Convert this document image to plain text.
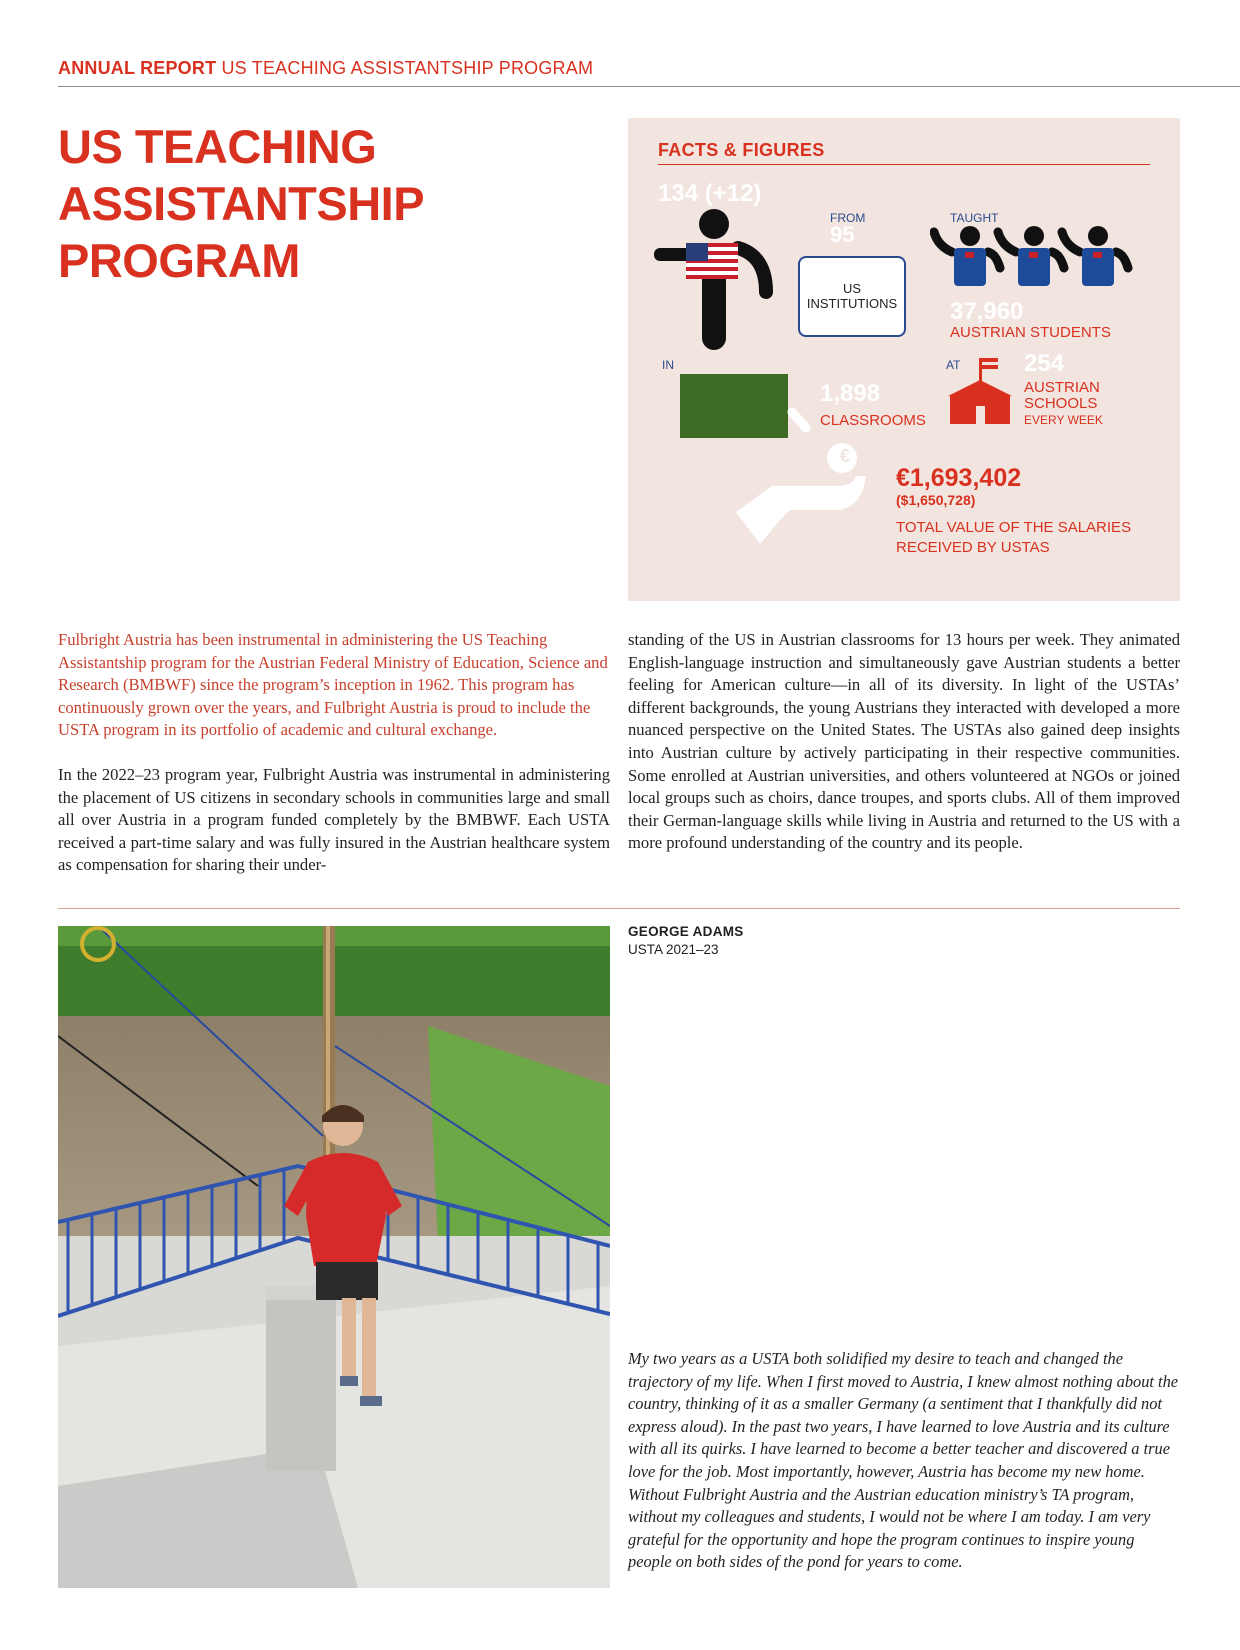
ANNUAL REPORT US TEACHING ASSISTANTSHIP PROGRAM
US TEACHING
ASSISTANTSHIP
PROGRAM
FACTS & FIGURES
134 (+12)
FROM
95
US
INSTITUTIONS
TAUGHT
37,960
AUSTRIAN STUDENTS
IN
1,898
CLASSROOMS
AT	254
AUSTRIAN
SCHOOLS
EVERY WEEK
€
€1,693,402
($1,650,728)
TOTAL VALUE OF THE SALARIES
RECEIVED BY USTAS

Fulbright Austria has been instrumental in administering the US Teaching Assistantship program for the Austrian Federal Ministry of Education, Science and Research (BMBWF) since the program’s inception in 1962. This program has continuously grown over the years, and Fulbright Austria is proud to include the USTA program in its portfolio of academic and cultural exchange.

In the 2022–23 program year, Fulbright Austria was instrumental in administering the placement of US citizens in secondary schools in communities large and small all over Austria in a program funded completely by the BMBWF. Each USTA received a part-time salary and was fully insured in the Austrian healthcare system as compensation for sharing their under-

standing of the US in Austrian classrooms for 13 hours per week. They animated English-language instruction and simultaneously gave Austrian students a better feeling for American culture—in all of its diversity. In light of the USTAs’ different backgrounds, the young Austrians they interacted with developed a more nuanced perspective on the United States. The USTAs also gained deep insights into Austrian culture by actively participating in their respective communities. Some enrolled at Austrian universities, and others volunteered at NGOs or joined local groups such as choirs, dance troupes, and sports clubs. All of them improved their German-language skills while living in Austria and returned to the US with a more profound understanding of the country and its people.

GEORGE ADAMS
USTA 2021–23
My two years as a USTA both solidified my desire to teach and changed the trajectory of my life. When I first moved to Austria, I knew almost nothing about the country, thinking of it as a smaller Germany (a sentiment that I thankfully did not express aloud). In the past two years, I have learned to love Austria and its culture with all its quirks. I have learned to become a better teacher and discovered a true love for the job. Most importantly, however, Austria has become my new home. Without Fulbright Austria and the Austrian education ministry’s TA program, without my colleagues and students, I would not be where I am today. I am very grateful for the opportunity and hope the program continues to inspire young people on both sides of the pond for years to come.
